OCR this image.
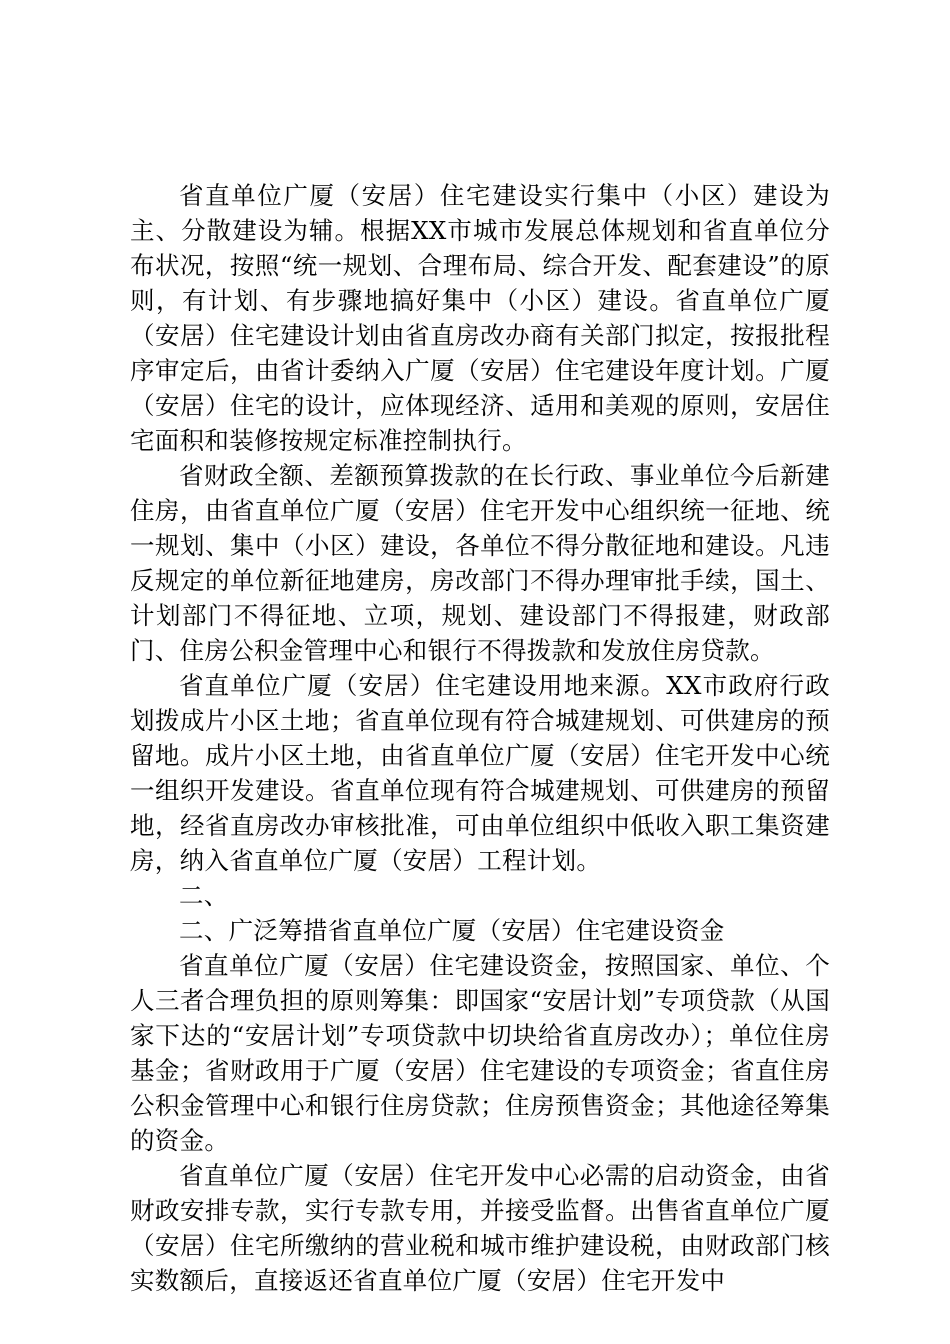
省直单位广厦（安居）住宅建设实行集中（小区）建设为主、分散建设为辅。根据XX市城市发展总体规划和省直单位分布状况，按照“统一规划、合理布局、综合开发、配套建设”的原则，有计划、有步骤地搞好集中（小区）建设。省直单位广厦（安居）住宅建设计划由省直房改办商有关部门拟定，按报批程序审定后，由省计委纳入广厦（安居）住宅建设年度计划。广厦（安居）住宅的设计，应体现经济、适用和美观的原则，安居住宅面积和装修按规定标准控制执行。

省财政全额、差额预算拨款的在长行政、事业单位今后新建住房，由省直单位广厦（安居）住宅开发中心组织统一征地、统一规划、集中（小区）建设，各单位不得分散征地和建设。凡违反规定的单位新征地建房，房改部门不得办理审批手续，国土、计划部门不得征地、立项，规划、建设部门不得报建，财政部门、住房公积金管理中心和银行不得拨款和发放住房贷款。

省直单位广厦（安居）住宅建设用地来源。XX市政府行政划拨成片小区土地；省直单位现有符合城建规划、可供建房的预留地。成片小区土地，由省直单位广厦（安居）住宅开发中心统一组织开发建设。省直单位现有符合城建规划、可供建房的预留地，经省直房改办审核批准，可由单位组织中低收入职工集资建房，纳入省直单位广厦（安居）工程计划。

二、

二、广泛筹措省直单位广厦（安居）住宅建设资金

省直单位广厦（安居）住宅建设资金，按照国家、单位、个人三者合理负担的原则筹集：即国家“安居计划”专项贷款（从国家下达的“安居计划”专项贷款中切块给省直房改办）；单位住房基金；省财政用于广厦（安居）住宅建设的专项资金；省直住房公积金管理中心和银行住房贷款；住房预售资金；其他途径筹集的资金。

省直单位广厦（安居）住宅开发中心必需的启动资金，由省财政安排专款，实行专款专用，并接受监督。出售省直单位广厦（安居）住宅所缴纳的营业税和城市维护建设税，由财政部门核实数额后，直接返还省直单位广厦（安居）住宅开发中
